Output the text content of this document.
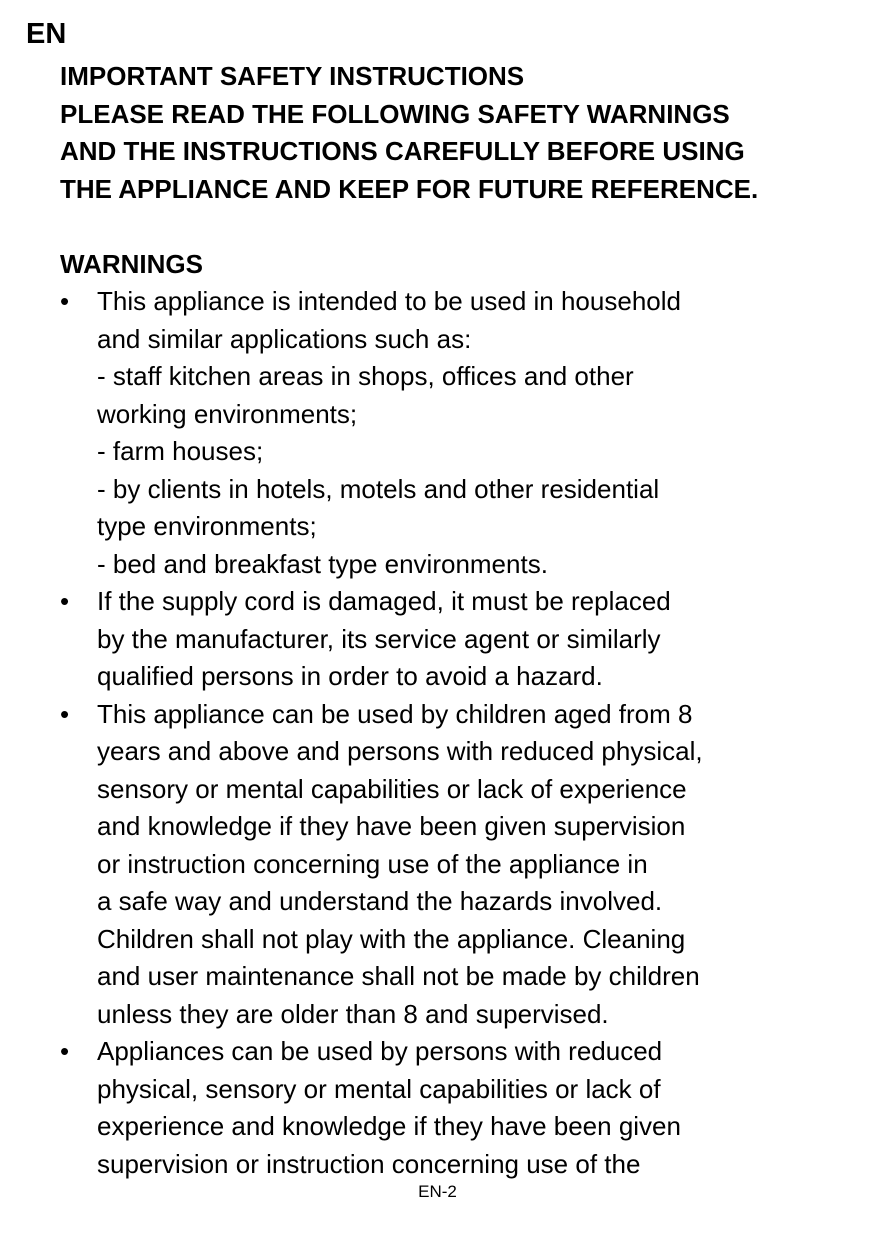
EN
IMPORTANT SAFETY INSTRUCTIONS
PLEASE READ THE FOLLOWING SAFETY WARNINGS
AND THE INSTRUCTIONS CAREFULLY BEFORE USING
THE APPLIANCE AND KEEP FOR FUTURE REFERENCE.
WARNINGS
•	This appliance is intended to be used in household
and similar applications such as:
- staff kitchen areas in shops, offices and other
working environments;
- farm houses;
- by clients in hotels, motels and other residential
type environments;
- bed and breakfast type environments.
•	If the supply cord is damaged, it must be replaced
by the manufacturer, its service agent or similarly
qualified persons in order to avoid a hazard.
•	This appliance can be used by children aged from 8
years and above and persons with reduced physical,
sensory or mental capabilities or lack of experience
and knowledge if they have been given supervision
or instruction concerning use of the appliance in
a safe way and understand the hazards involved.
Children shall not play with the appliance. Cleaning
and user maintenance shall not be made by children
unless they are older than 8 and supervised.
•	Appliances can be used by persons with reduced
physical, sensory or mental capabilities or lack of
experience and knowledge if they have been given
supervision or instruction concerning use of the
EN-2
